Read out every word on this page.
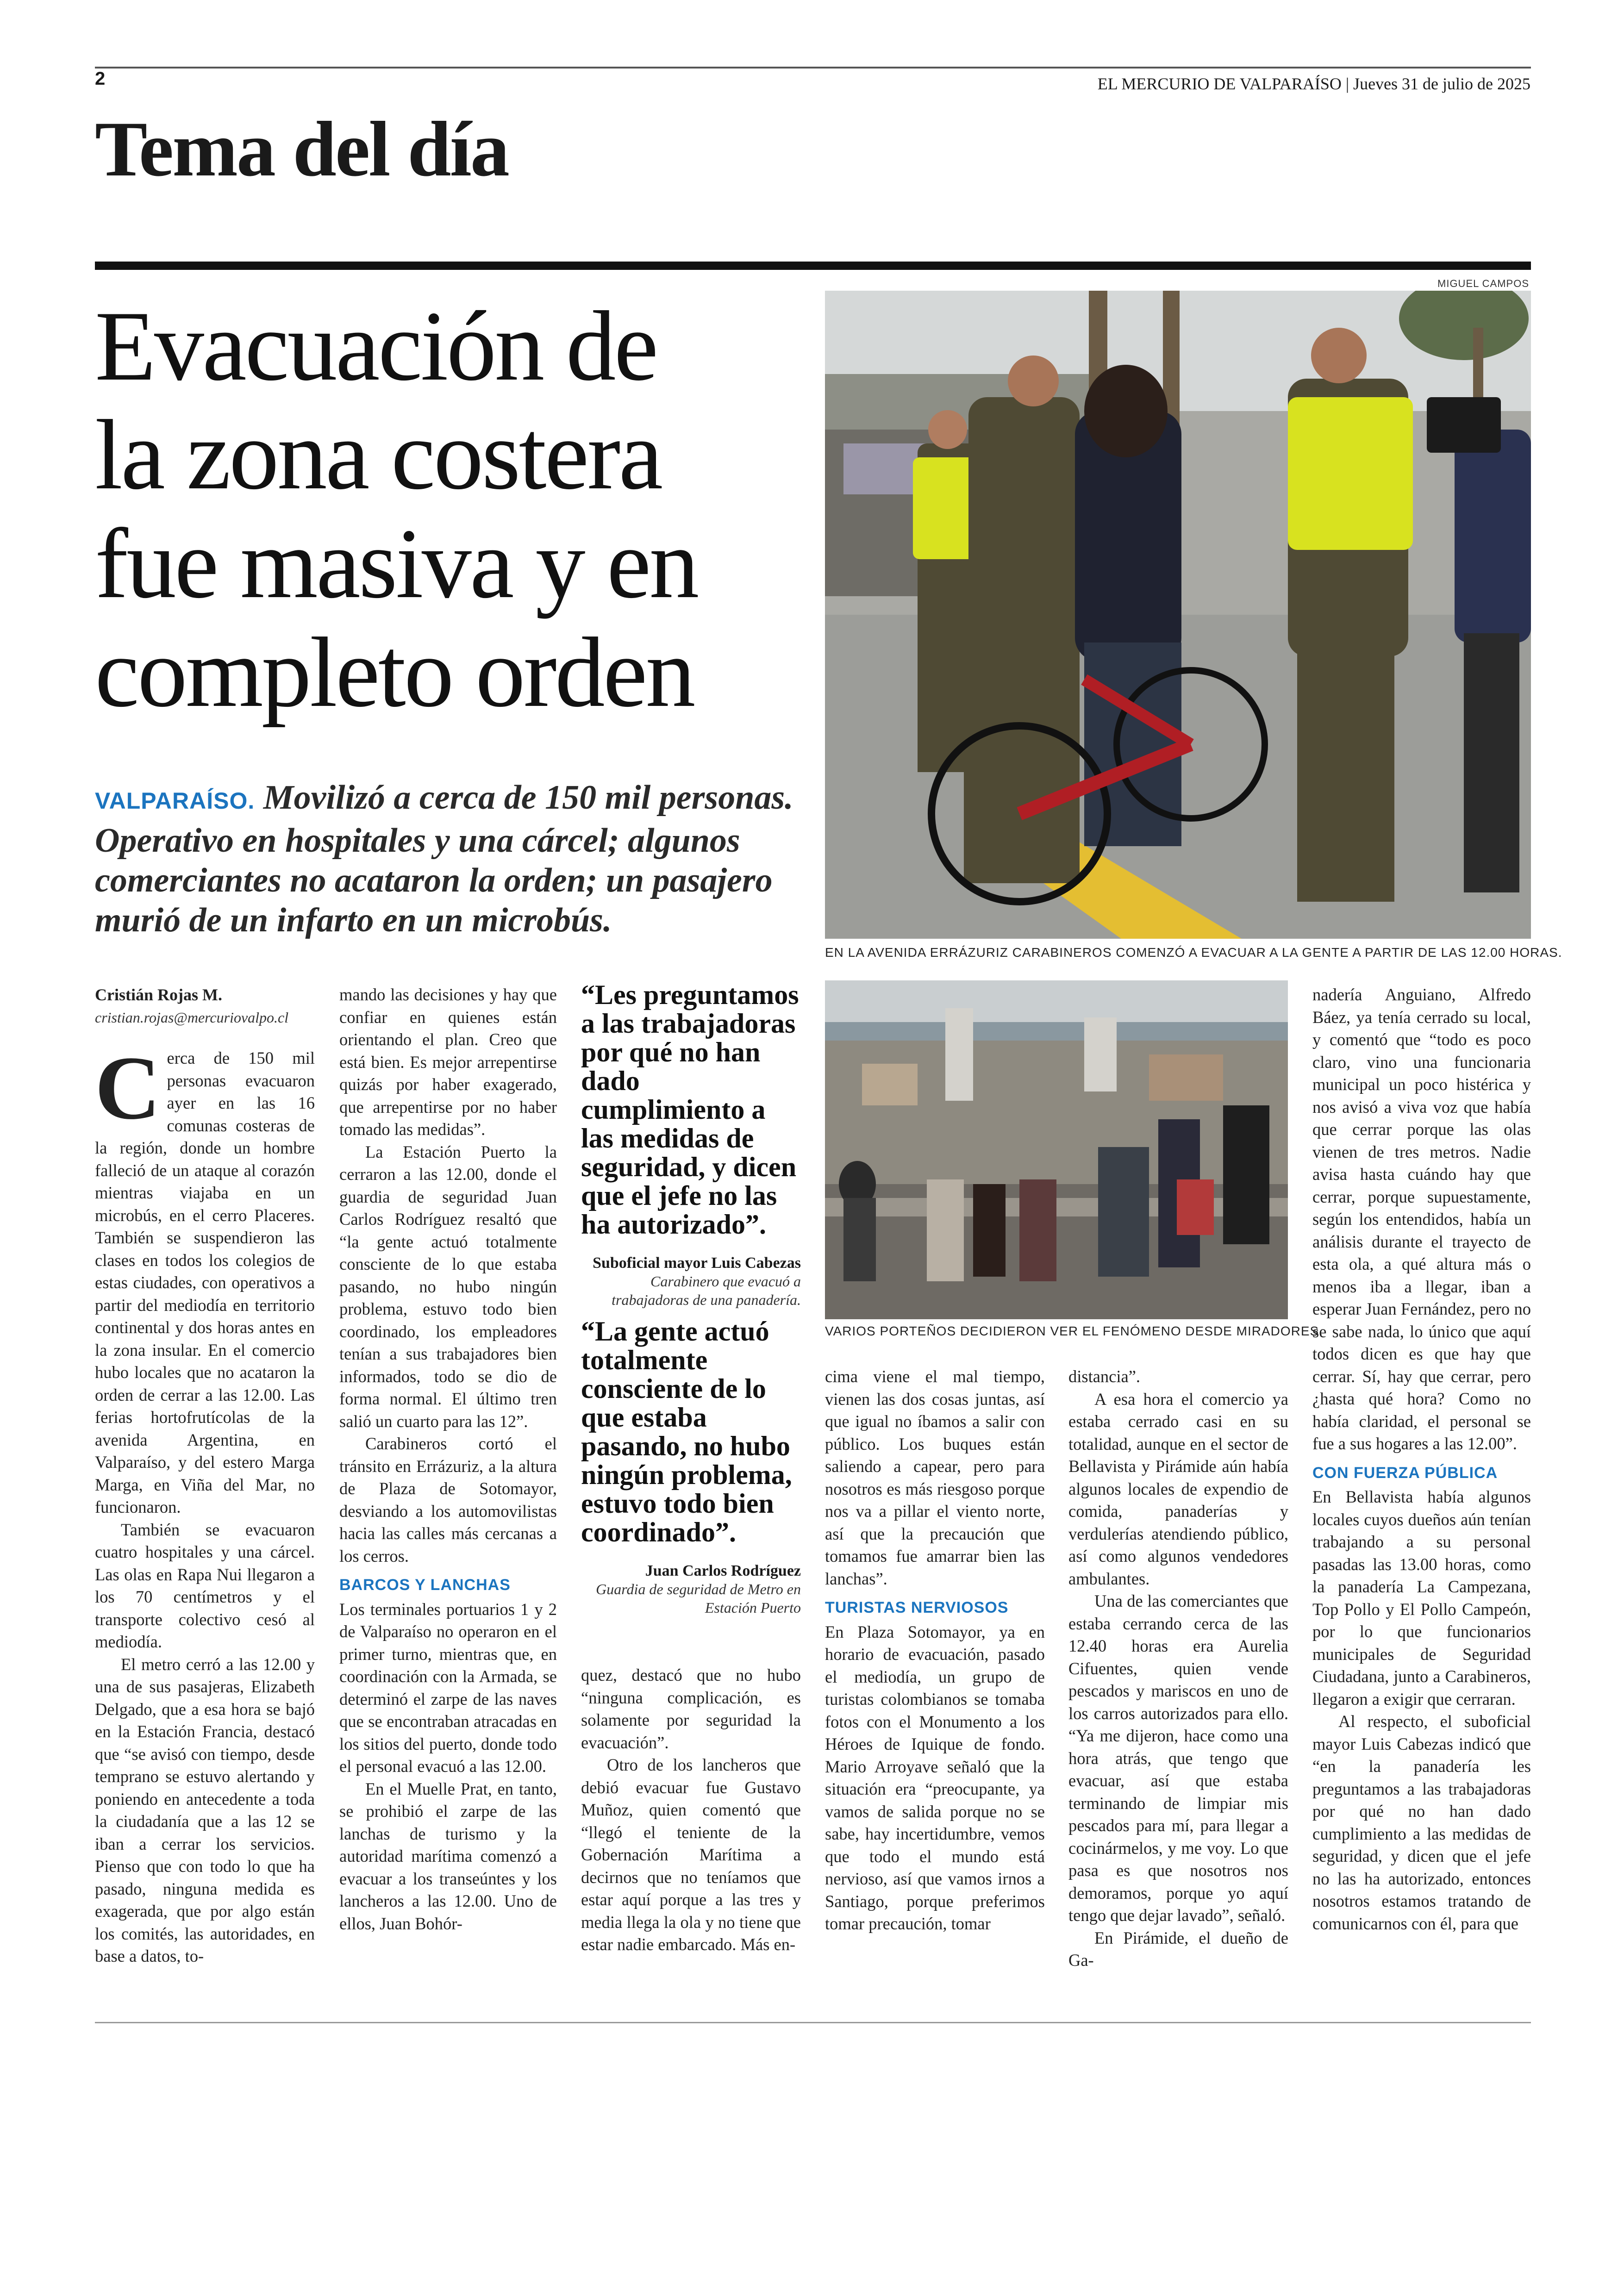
2	EL MERCURIO DE VALPARAÍSO | Jueves 31 de julio de 2025
Tema del día
Evacuación de
la zona costera
fue masiva y en
completo orden
VALPARAÍSO. Movilizó a cerca de 150 mil personas. Operativo en hospitales y una cárcel; algunos comerciantes no acataron la orden; un pasajero murió de un infarto en un microbús.
MIGUEL CAMPOS
EN LA AVENIDA ERRÁZURIZ CARABINEROS COMENZÓ A EVACUAR A LA GENTE A PARTIR DE LAS 12.00 HORAS.
VARIOS PORTEÑOS DECIDIERON VER EL FENÓMENO DESDE MIRADORES.
Cristián Rojas M.
cristian.rojas@mercuriovalpo.cl

Cerca de 150 mil personas evacuaron ayer en las 16 comunas costeras de la región, donde un hombre falleció de un ataque al corazón mientras viajaba en un microbús, en el cerro Placeres. También se suspendieron las clases en todos los colegios de estas ciudades, con operativos a partir del mediodía en territorio continental y dos horas antes en la zona insular. En el comercio hubo locales que no acataron la orden de cerrar a las 12.00. Las ferias hortofrutícolas de la avenida Argentina, en Valparaíso, y del estero Marga Marga, en Viña del Mar, no funcionaron.

También se evacuaron cuatro hospitales y una cárcel. Las olas en Rapa Nui llegaron a los 70 centímetros y el transporte colectivo cesó al mediodía.

El metro cerró a las 12.00 y una de sus pasajeras, Elizabeth Delgado, que a esa hora se bajó en la Estación Francia, destacó que “se avisó con tiempo, desde temprano se estuvo alertando y poniendo en antecedente a toda la ciudadanía que a las 12 se iban a cerrar los servicios. Pienso que con todo lo que ha pasado, ninguna medida es exagerada, que por algo están los comités, las autoridades, en base a datos, to-

mando las decisiones y hay que confiar en quienes están orientando el plan. Creo que está bien. Es mejor arrepentirse quizás por haber exagerado, que arrepentirse por no haber tomado las medidas”.

La Estación Puerto la cerraron a las 12.00, donde el guardia de seguridad Juan Carlos Rodríguez resaltó que “la gente actuó totalmente consciente de lo que estaba pasando, no hubo ningún problema, estuvo todo bien coordinado, los empleadores tenían a sus trabajadores bien informados, todo se dio de forma normal. El último tren salió un cuarto para las 12”.

Carabineros cortó el tránsito en Errázuriz, a la altura de Plaza de Sotomayor, desviando a los automovilistas hacia las calles más cercanas a los cerros.

BARCOS Y LANCHAS

Los terminales portuarios 1 y 2 de Valparaíso no operaron en el primer turno, mientras que, en coordinación con la Armada, se determinó el zarpe de las naves que se encontraban atracadas en los sitios del puerto, donde todo el personal evacuó a las 12.00.

En el Muelle Prat, en tanto, se prohibió el zarpe de las lanchas de turismo y la autoridad marítima comenzó a evacuar a los transeúntes y los lancheros a las 12.00. Uno de ellos, Juan Bohór-

“Les preguntamos a las trabajadoras por qué no han dado cumplimiento a las medidas de seguridad, y dicen que el jefe no las ha autorizado”.
Suboficial mayor Luis Cabezas
Carabinero que evacuó a trabajadoras de una panadería.
“La gente actuó totalmente consciente de lo que estaba pasando, no hubo ningún problema, estuvo todo bien coordinado”.
Juan Carlos Rodríguez
Guardia de seguridad de Metro en Estación Puerto

quez, destacó que no hubo “ninguna complicación, es solamente por seguridad la evacuación”.

Otro de los lancheros que debió evacuar fue Gustavo Muñoz, quien comentó que “llegó el teniente de la Gobernación Marítima a decirnos que no teníamos que estar aquí porque a las tres y media llega la ola y no tiene que estar nadie embarcado. Más en-

cima viene el mal tiempo, vienen las dos cosas juntas, así que igual no íbamos a salir con público. Los buques están saliendo a capear, pero para nosotros es más riesgoso porque nos va a pillar el viento norte, así que la precaución que tomamos fue amarrar bien las lanchas”.

TURISTAS NERVIOSOS

En Plaza Sotomayor, ya en horario de evacuación, pasado el mediodía, un grupo de turistas colombianos se tomaba fotos con el Monumento a los Héroes de Iquique de fondo. Mario Arroyave señaló que la situación era “preocupante, ya vamos de salida porque no se sabe, hay incertidumbre, vemos que todo el mundo está nervioso, así que vamos irnos a Santiago, porque preferimos tomar precaución, tomar

distancia”.

A esa hora el comercio ya estaba cerrado casi en su totalidad, aunque en el sector de Bellavista y Pirámide aún había algunos locales de expendio de comida, panaderías y verdulerías atendiendo público, así como algunos vendedores ambulantes.

Una de las comerciantes que estaba cerrando cerca de las 12.40 horas era Aurelia Cifuentes, quien vende pescados y mariscos en uno de los carros autorizados para ello. “Ya me dijeron, hace como una hora atrás, que tengo que evacuar, así que estaba terminando de limpiar mis pescados para mí, para llegar a cocinármelos, y me voy. Lo que pasa es que nosotros nos demoramos, porque yo aquí tengo que dejar lavado”, señaló.

En Pirámide, el dueño de Ga-

nadería Anguiano, Alfredo Báez, ya tenía cerrado su local, y comentó que “todo es poco claro, vino una funcionaria municipal un poco histérica y nos avisó a viva voz que había que cerrar porque las olas vienen de tres metros. Nadie avisa hasta cuándo hay que cerrar, porque supuestamente, según los entendidos, había un análisis durante el trayecto de esta ola, a qué altura más o menos iba a llegar, iban a esperar Juan Fernández, pero no se sabe nada, lo único que aquí todos dicen es que hay que cerrar. Sí, hay que cerrar, pero ¿hasta qué hora? Como no había claridad, el personal se fue a sus hogares a las 12.00”.

CON FUERZA PÚBLICA

En Bellavista había algunos locales cuyos dueños aún tenían trabajando a su personal pasadas las 13.00 horas, como la panadería La Campezana, Top Pollo y El Pollo Campeón, por lo que funcionarios municipales de Seguridad Ciudadana, junto a Carabineros, llegaron a exigir que cerraran.

Al respecto, el suboficial mayor Luis Cabezas indicó que “en la panadería les preguntamos a las trabajadoras por qué no han dado cumplimiento a las medidas de seguridad, y dicen que el jefe no las ha autorizado, entonces nosotros estamos tratando de comunicarnos con él, para que
